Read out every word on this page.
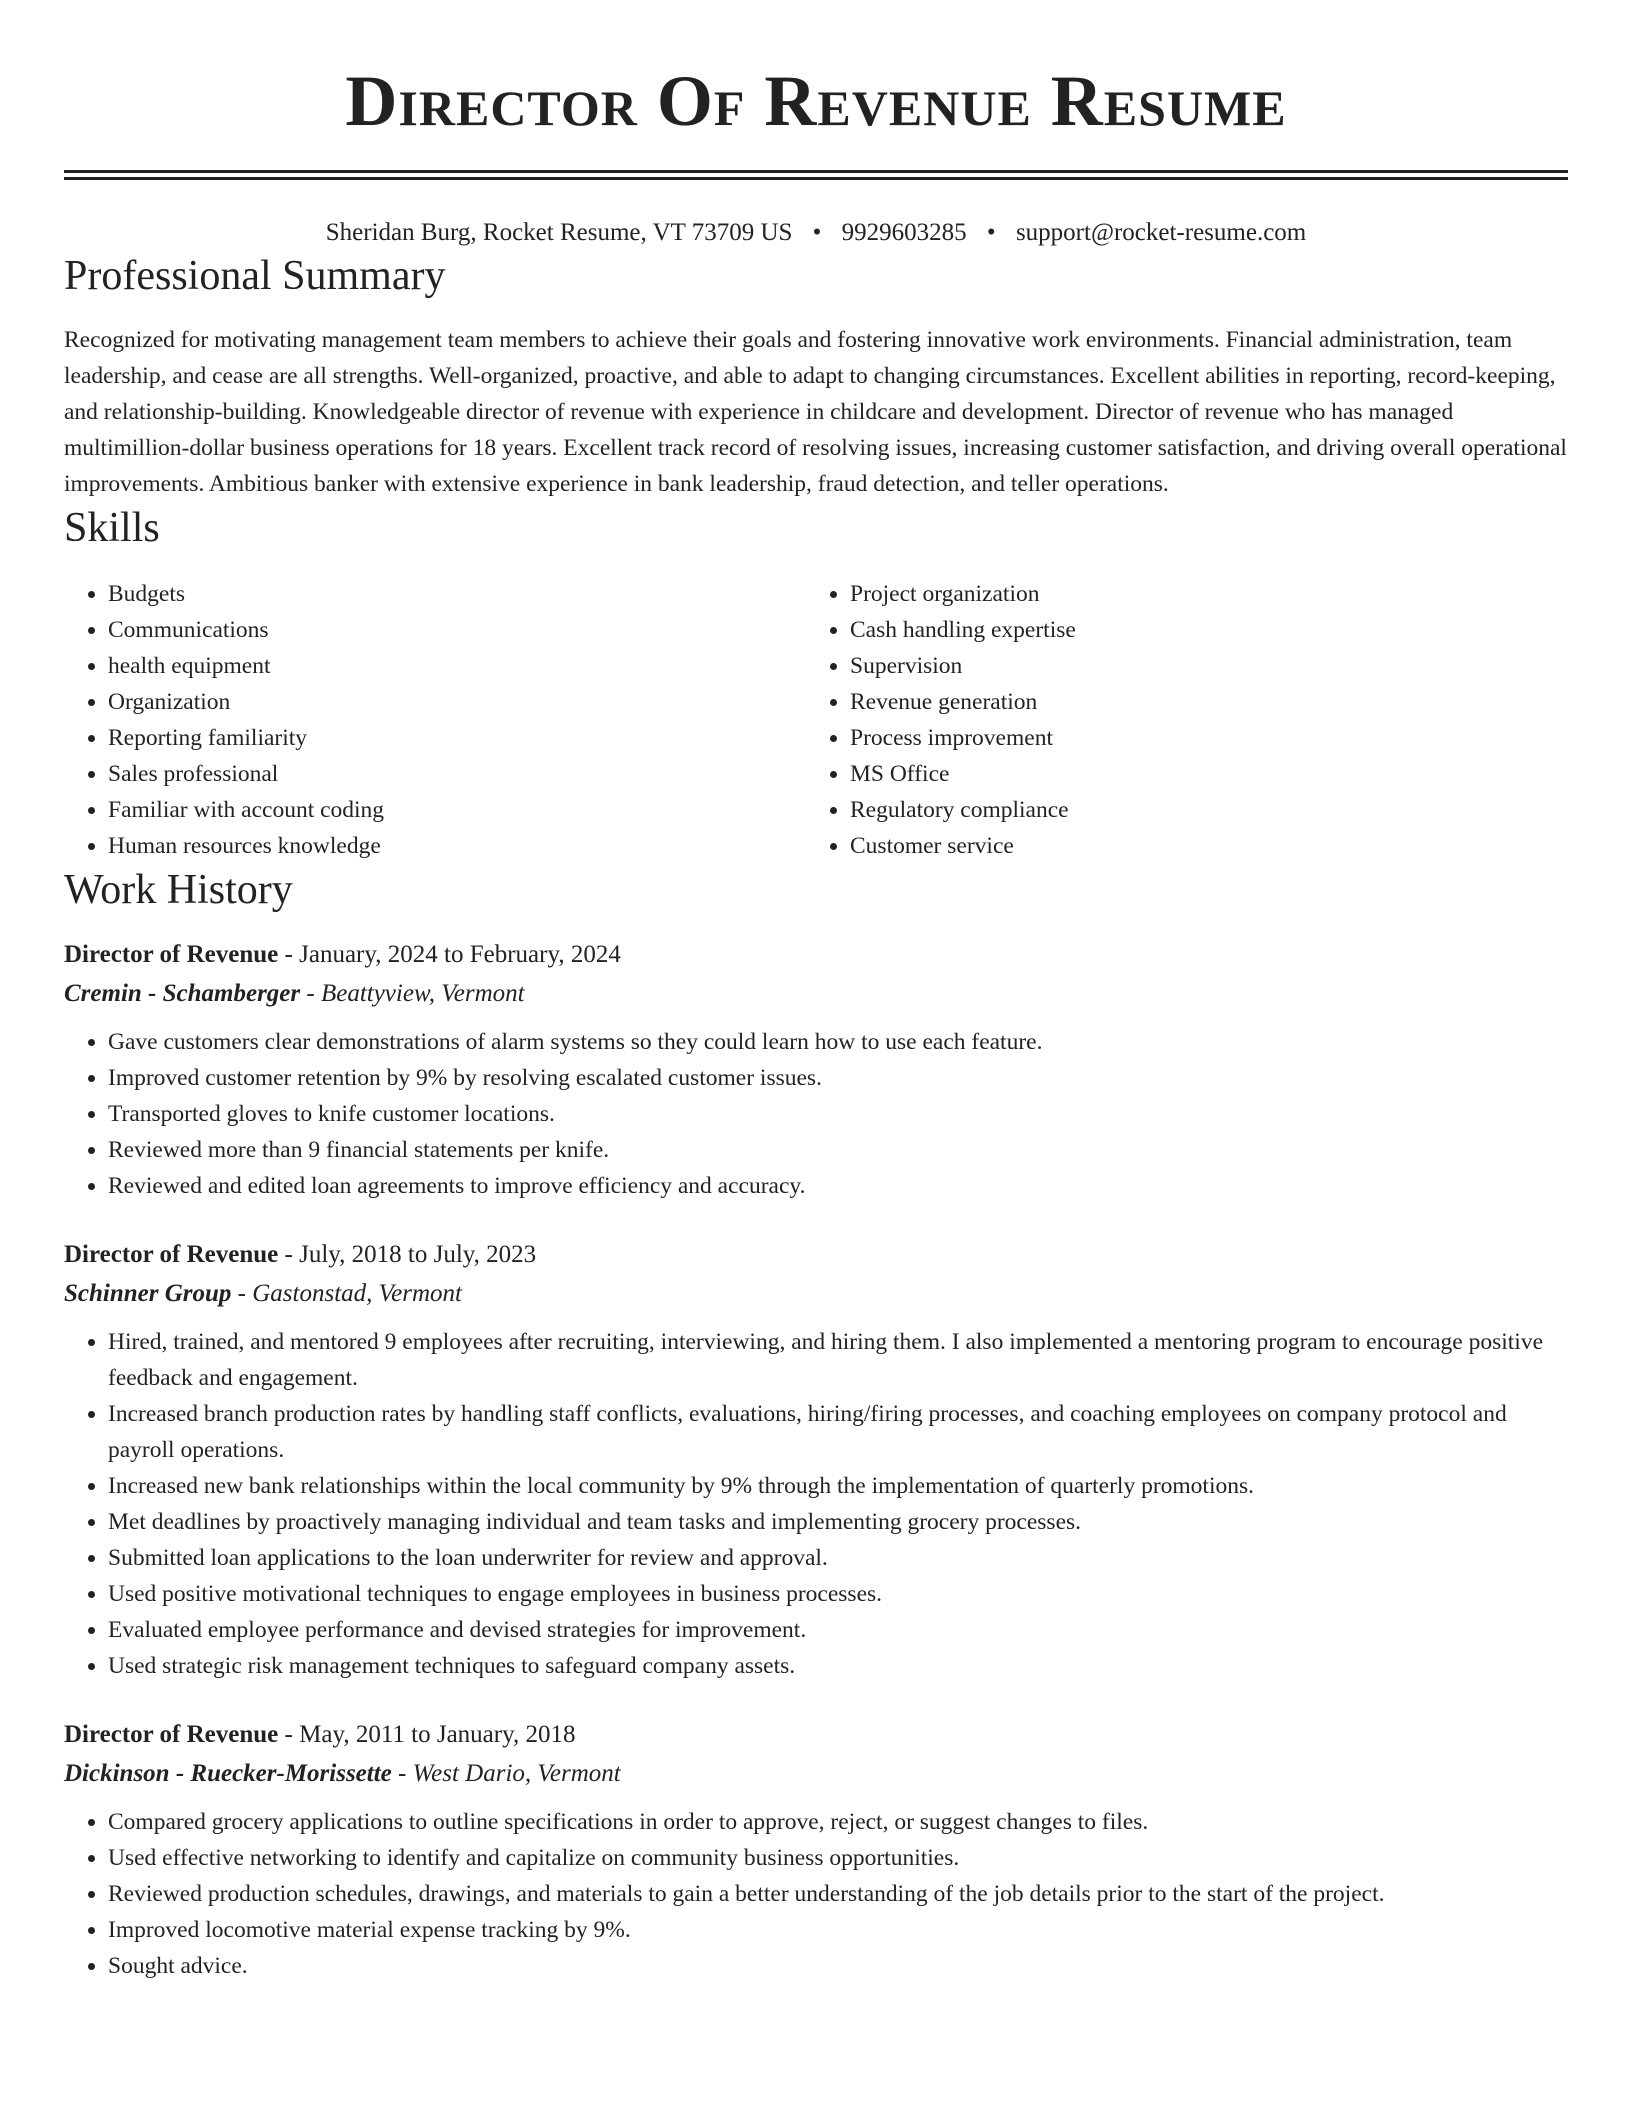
Director Of Revenue Resume
Sheridan Burg, Rocket Resume, VT 73709 US • 9929603285 • support@rocket-resume.com
Professional Summary

Recognized for motivating management team members to achieve their goals and fostering innovative work environments. Financial administration, team leadership, and cease are all strengths. Well-organized, proactive, and able to adapt to changing circumstances. Excellent abilities in reporting, record-keeping, and relationship-building. Knowledgeable director of revenue with experience in childcare and development. Director of revenue who has managed multimillion-dollar business operations for 18 years. Excellent track record of resolving issues, increasing customer satisfaction, and driving overall operational improvements. Ambitious banker with extensive experience in bank leadership, fraud detection, and teller operations.

Skills
• Budgets
• Communications
• health equipment
• Organization
• Reporting familiarity
• Sales professional
• Familiar with account coding
• Human resources knowledge
• Project organization
• Cash handling expertise
• Supervision
• Revenue generation
• Process improvement
• MS Office
• Regulatory compliance
• Customer service
Work History
Director of Revenue - January, 2024 to February, 2024
Cremin - Schamberger - Beattyview, Vermont
• Gave customers clear demonstrations of alarm systems so they could learn how to use each feature.
• Improved customer retention by 9% by resolving escalated customer issues.
• Transported gloves to knife customer locations.
• Reviewed more than 9 financial statements per knife.
• Reviewed and edited loan agreements to improve efficiency and accuracy.
Director of Revenue - July, 2018 to July, 2023
Schinner Group - Gastonstad, Vermont
• Hired, trained, and mentored 9 employees after recruiting, interviewing, and hiring them. I also implemented a mentoring program to encourage positive feedback and engagement.
• Increased branch production rates by handling staff conflicts, evaluations, hiring/firing processes, and coaching employees on company protocol and payroll operations.
• Increased new bank relationships within the local community by 9% through the implementation of quarterly promotions.
• Met deadlines by proactively managing individual and team tasks and implementing grocery processes.
• Submitted loan applications to the loan underwriter for review and approval.
• Used positive motivational techniques to engage employees in business processes.
• Evaluated employee performance and devised strategies for improvement.
• Used strategic risk management techniques to safeguard company assets.
Director of Revenue - May, 2011 to January, 2018
Dickinson - Ruecker-Morissette - West Dario, Vermont
• Compared grocery applications to outline specifications in order to approve, reject, or suggest changes to files.
• Used effective networking to identify and capitalize on community business opportunities.
• Reviewed production schedules, drawings, and materials to gain a better understanding of the job details prior to the start of the project.
• Improved locomotive material expense tracking by 9%.
• Sought advice.
